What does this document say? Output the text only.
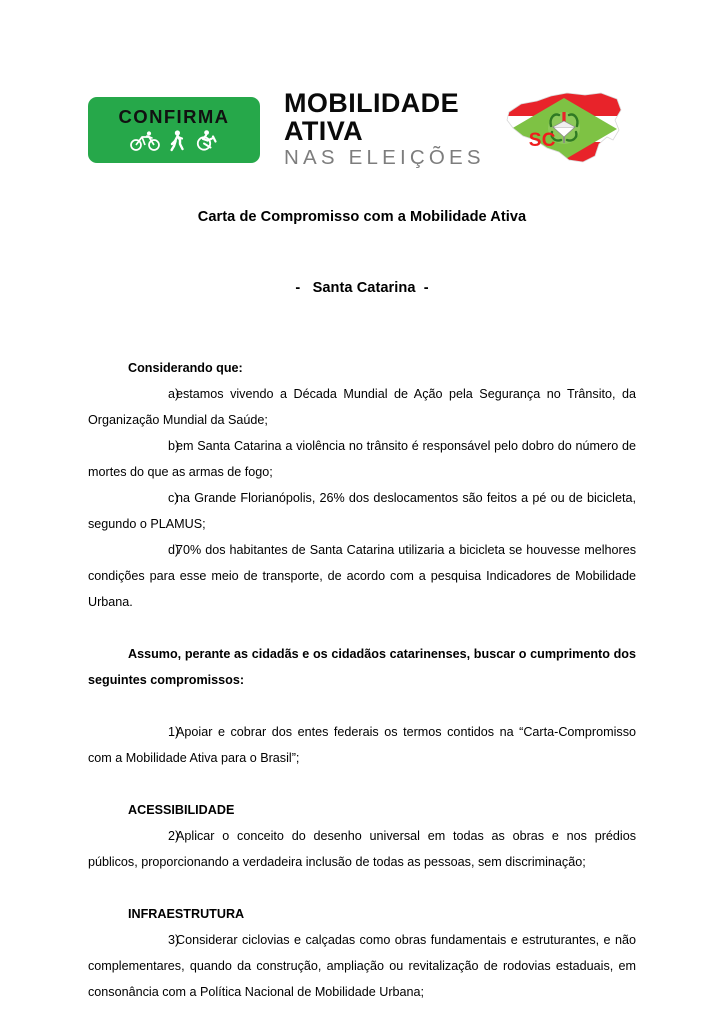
CONFIRMA MOBILIDADE
ATIVA
NAS ELEIÇÕES
SC
Carta de Compromisso com a Mobilidade Ativa
-   Santa Catarina  -

Considerando que:

a)estamos vivendo a Década Mundial de Ação pela Segurança no Trânsito, da Organização Mundial da Saúde;

b)em Santa Catarina a violência no trânsito é responsável pelo dobro do número de mortes do que as armas de fogo;

c)na Grande Florianópolis, 26% dos deslocamentos são feitos a pé ou de bicicleta, segundo o PLAMUS;

d)70% dos habitantes de Santa Catarina utilizaria a bicicleta se houvesse melhores condições para esse meio de transporte, de acordo com a pesquisa Indicadores de Mobilidade Urbana.

Assumo, perante as cidadãs e os cidadãos catarinenses, buscar o cumprimento dos seguintes compromissos:

1)Apoiar e cobrar dos entes federais os termos contidos na “Carta-Compromisso com a Mobilidade Ativa para o Brasil”;

ACESSIBILIDADE

2)Aplicar o conceito do desenho universal em todas as obras e nos prédios públicos, proporcionando a verdadeira inclusão de todas as pessoas, sem discriminação;

INFRAESTRUTURA

3)Considerar ciclovias e calçadas como obras fundamentais e estruturantes, e não complementares, quando da construção, ampliação ou revitalização de rodovias estaduais, em consonância com a Política Nacional de Mobilidade Urbana;
